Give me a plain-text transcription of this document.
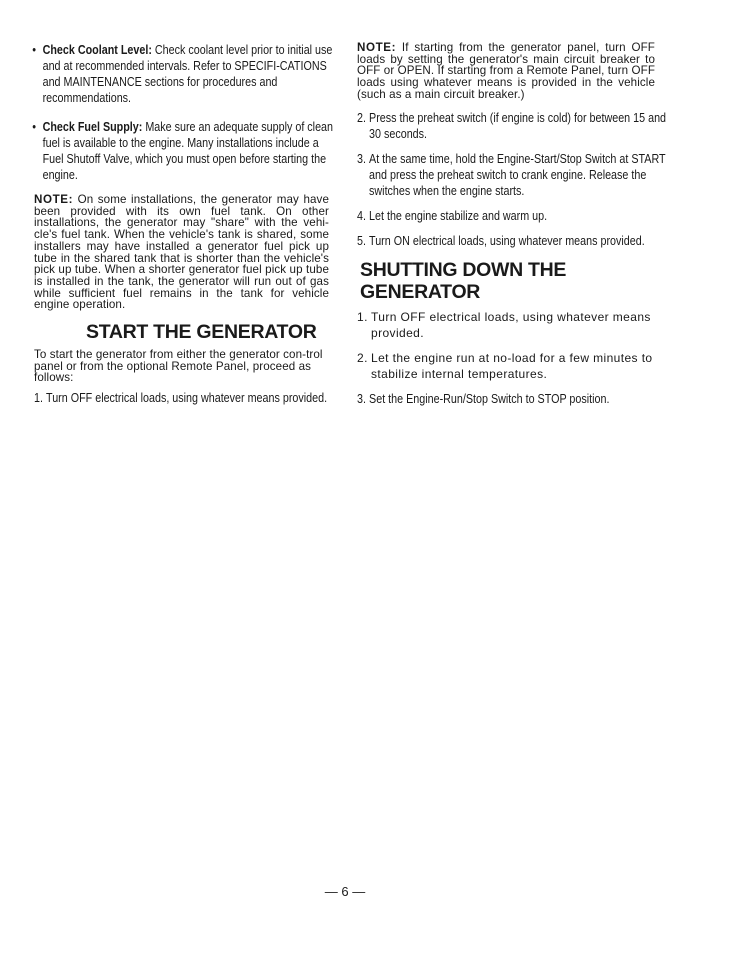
• Check Coolant Level: Check coolant level prior to initial use and at recommended intervals. Refer to SPECIFI-CATIONS and MAINTENANCE sections for procedures and recommendations.
• Check Fuel Supply: Make sure an adequate supply of clean fuel is available to the engine. Many installations include a Fuel Shutoff Valve, which you must open before starting the engine.
NOTE: On some installations, the generator may have been provided with its own fuel tank. On other installations, the generator may "share" with the vehi-cle's fuel tank. When the vehicle's tank is shared, some installers may have installed a generator fuel pick up tube in the shared tank that is shorter than the vehicle's pick up tube. When a shorter generator fuel pick up tube is installed in the tank, the generator will run out of gas while sufficient fuel remains in the tank for vehicle engine operation.
START THE GENERATOR
To start the generator from either the generator con-trol panel or from the optional Remote Panel, proceed as follows:
1. Turn OFF electrical loads, using whatever means provided.
NOTE: If starting from the generator panel, turn OFF loads by setting the generator's main circuit breaker to OFF or OPEN. If starting from a Remote Panel, turn OFF loads using whatever means is provided in the vehicle (such as a main circuit breaker.)
2. Press the preheat switch (if engine is cold) for between 15 and 30 seconds.
3. At the same time, hold the Engine-Start/Stop Switch at START and press the preheat switch to crank engine. Release the switches when the engine starts.
4. Let the engine stabilize and warm up.
5. Turn ON electrical loads, using whatever means provided.
SHUTTING DOWN THE GENERATOR
1. Turn OFF electrical loads, using whatever means provided.
2. Let the engine run at no-load for a few minutes to stabilize internal temperatures.
3. Set the Engine-Run/Stop Switch to STOP position.
— 6 —
